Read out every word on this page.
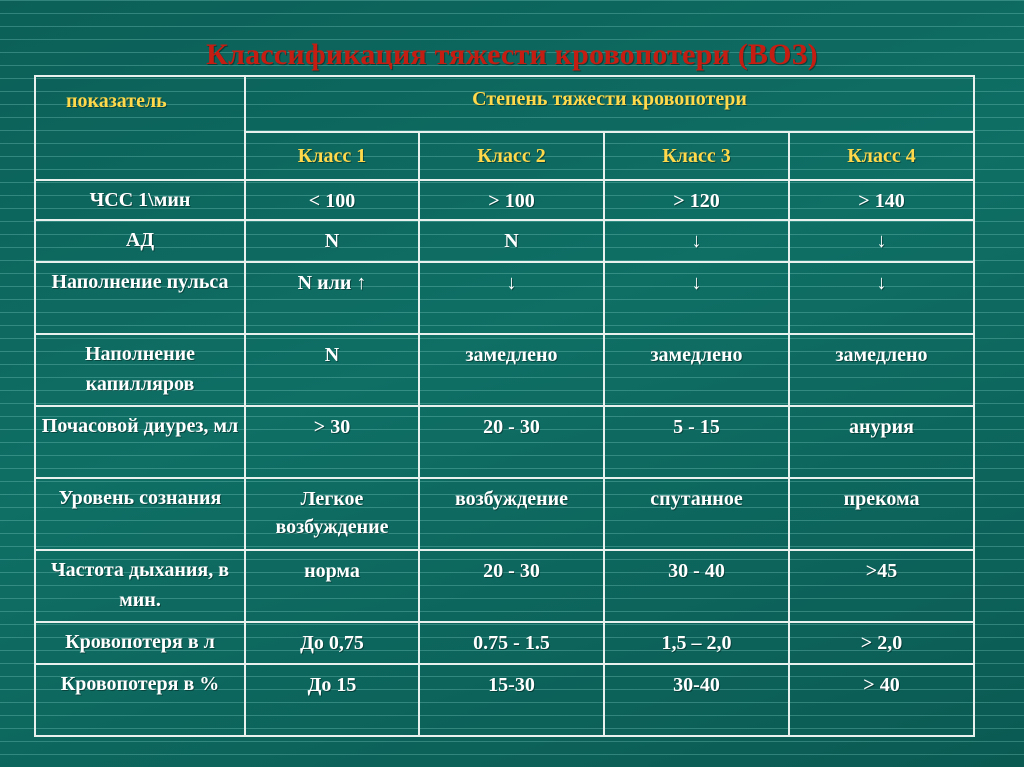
Классификация тяжести кровопотери (ВОЗ)
показатель	Степень тяжести кровопотери			
	Класс 1	Класс 2	Класс 3	Класс 4
ЧСС 1\мин	< 100	> 100	> 120	> 140
АД	N	N	↓	↓
Наполнение пульса	N или ↑	↓	↓	↓
Наполнение капилляров	N	замедлено	замедлено	замедлено
Почасовой диурез, мл	> 30	20 - 30	5 - 15	анурия
Уровень сознания	Легкое возбуждение	возбуждение	спутанное	прекома
Частота дыхания, в мин.	норма	20 - 30	30 - 40	>45
Кровопотеря в л	До 0,75	0.75 - 1.5	1,5 – 2,0	> 2,0
Кровопотеря в %	До 15	15-30	30-40	> 40
